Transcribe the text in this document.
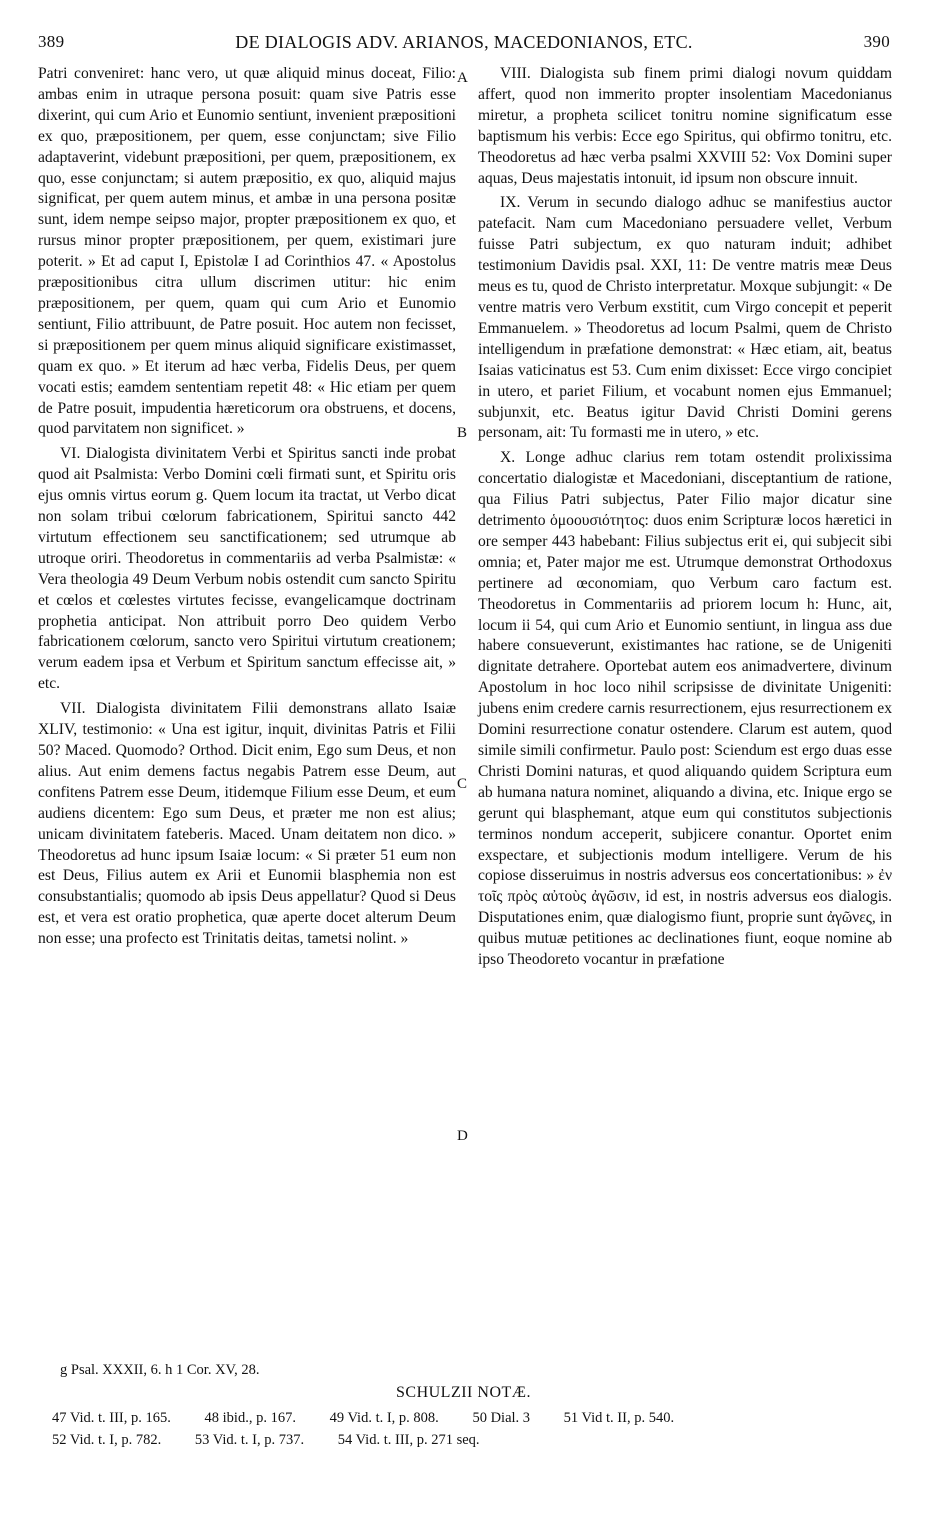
389	DE DIALOGIS ADV. ARIANOS, MACEDONIANOS, ETC.	390

Patri conveniret: hanc vero, ut quæ aliquid minus doceat, Filio: ambas enim in utraque persona posuit: quam sive Patris esse dixerint, qui cum Ario et Eunomio sentiunt, invenient præpositioni ex quo, præpositionem, per quem, esse conjunctam; sive Filio adaptaverint, videbunt præpositioni, per quem, præpositionem, ex quo, esse conjunctam; si autem præpositio, ex quo, aliquid majus significat, per quem autem minus, et ambæ in una persona positæ sunt, idem nempe seipso major, propter præpositionem ex quo, et rursus minor propter præpositionem, per quem, existimari jure poterit. » Et ad caput I, Epistolæ I ad Corinthios 47. « Apostolus præpositionibus citra ullum discrimen utitur: hic enim præpositionem, per quem, quam qui cum Ario et Eunomio sentiunt, Filio attribuunt, de Patre posuit. Hoc autem non fecisset, si præpositionem per quem minus aliquid significare existimasset, quam ex quo. » Et iterum ad hæc verba, Fidelis Deus, per quem vocati estis; eamdem sententiam repetit 48: « Hic etiam per quem de Patre posuit, impudentia hæreticorum ora obstruens, et docens, quod parvitatem non significet. »

VI. Dialogista divinitatem Verbi et Spiritus sancti inde probat quod ait Psalmista: Verbo Domini cœli firmati sunt, et Spiritu oris ejus omnis virtus eorum g. Quem locum ita tractat, ut Verbo dicat non solam tribui cœlorum fabricationem, Spiritui sancto 442 virtutum effectionem seu sanctificationem; sed utrumque ab utroque oriri. Theodoretus in commentariis ad verba Psalmistæ: « Vera theologia 49 Deum Verbum nobis ostendit cum sancto Spiritu et cœlos et cœlestes virtutes fecisse, evangelicamque doctrinam prophetia anticipat. Non attribuit porro Deo quidem Verbo fabricationem cœlorum, sancto vero Spiritui virtutum creationem; verum eadem ipsa et Verbum et Spiritum sanctum effecisse ait, » etc.

VII. Dialogista divinitatem Filii demonstrans allato Isaiæ XLIV, testimonio: « Una est igitur, inquit, divinitas Patris et Filii 50? Maced. Quomodo? Orthod. Dicit enim, Ego sum Deus, et non alius. Aut enim demens factus negabis Patrem esse Deum, aut confitens Patrem esse Deum, itidemque Filium esse Deum, et eum audiens dicentem: Ego sum Deus, et præter me non est alius; unicam divinitatem fateberis. Maced. Unam deitatem non dico. » Theodoretus ad hunc ipsum Isaiæ locum: « Si præter 51 eum non est Deus, Filius autem ex Arii et Eunomii blasphemia non est consubstantialis; quomodo ab ipsis Deus appellatur? Quod si Deus est, et vera est oratio prophetica, quæ aperte docet alterum Deum non esse; una profecto est Trinitatis deitas, tametsi nolint. »

VIII. Dialogista sub finem primi dialogi novum quiddam affert, quod non immerito propter insolentiam Macedonianus miretur, a propheta scilicet tonitru nomine significatum esse baptismum his verbis: Ecce ego Spiritus, qui obfirmo tonitru, etc. Theodoretus ad hæc verba psalmi XXVIII 52: Vox Domini super aquas, Deus majestatis intonuit, id ipsum non obscure innuit.

IX. Verum in secundo dialogo adhuc se manifestius auctor patefacit. Nam cum Macedoniano persuadere vellet, Verbum fuisse Patri subjectum, ex quo naturam induit; adhibet testimonium Davidis psal. XXI, 11: De ventre matris meæ Deus meus es tu, quod de Christo interpretatur. Moxque subjungit: « De ventre matris vero Verbum exstitit, cum Virgo concepit et peperit Emmanuelem. » Theodoretus ad locum Psalmi, quem de Christo intelligendum in præfatione demonstrat: « Hæc etiam, ait, beatus Isaias vaticinatus est 53. Cum enim dixisset: Ecce virgo concipiet in utero, et pariet Filium, et vocabunt nomen ejus Emmanuel; subjunxit, etc. Beatus igitur David Christi Domini gerens personam, ait: Tu formasti me in utero, » etc.

X. Longe adhuc clarius rem totam ostendit prolixissima concertatio dialogistæ et Macedoniani, disceptantium de ratione, qua Filius Patri subjectus, Pater Filio major dicatur sine detrimento ὁμοουσιότητος: duos enim Scripturæ locos hæretici in ore semper 443 habebant: Filius subjectus erit ei, qui subjecit sibi omnia; et, Pater major me est. Utrumque demonstrat Orthodoxus pertinere ad œconomiam, quo Verbum caro factum est. Theodoretus in Commentariis ad priorem locum h: Hunc, ait, locum ii 54, qui cum Ario et Eunomio sentiunt, in lingua ass due habere consueverunt, existimantes hac ratione, se de Unigeniti dignitate detrahere. Oportebat autem eos animadvertere, divinum Apostolum in hoc loco nihil scripsisse de divinitate Unigeniti: jubens enim credere carnis resurrectionem, ejus resurrectionem ex Domini resurrectione conatur ostendere. Clarum est autem, quod simile simili confirmetur. Paulo post: Sciendum est ergo duas esse Christi Domini naturas, et quod aliquando quidem Scriptura eum ab humana natura nominet, aliquando a divina, etc. Inique ergo se gerunt qui blasphemant, atque eum qui constitutos subjectionis terminos nondum acceperit, subjicere conantur. Oportet enim exspectare, et subjectionis modum intelligere. Verum de his copiose disseruimus in nostris adversus eos concertationibus: » ἐν τοῖς πρὸς αὐτοὺς ἀγῶσιν, id est, in nostris adversus eos dialogis. Disputationes enim, quæ dialogismo fiunt, proprie sunt ἀγῶνες, in quibus mutuæ petitiones ac declinationes fiunt, eoque nomine ab ipso Theodoreto vocantur in præfatione

A
B
C
D
g Psal. XXXII, 6. h 1 Cor. XV, 28.
SCHULZII NOTÆ.
47 Vid. t. III, p. 165. 48 ibid., p. 167. 49 Vid. t. I, p. 808. 50 Dial. 3 51 Vid t. II, p. 540.
52 Vid. t. I, p. 782. 53 Vid. t. I, p. 737. 54 Vid. t. III, p. 271 seq.
